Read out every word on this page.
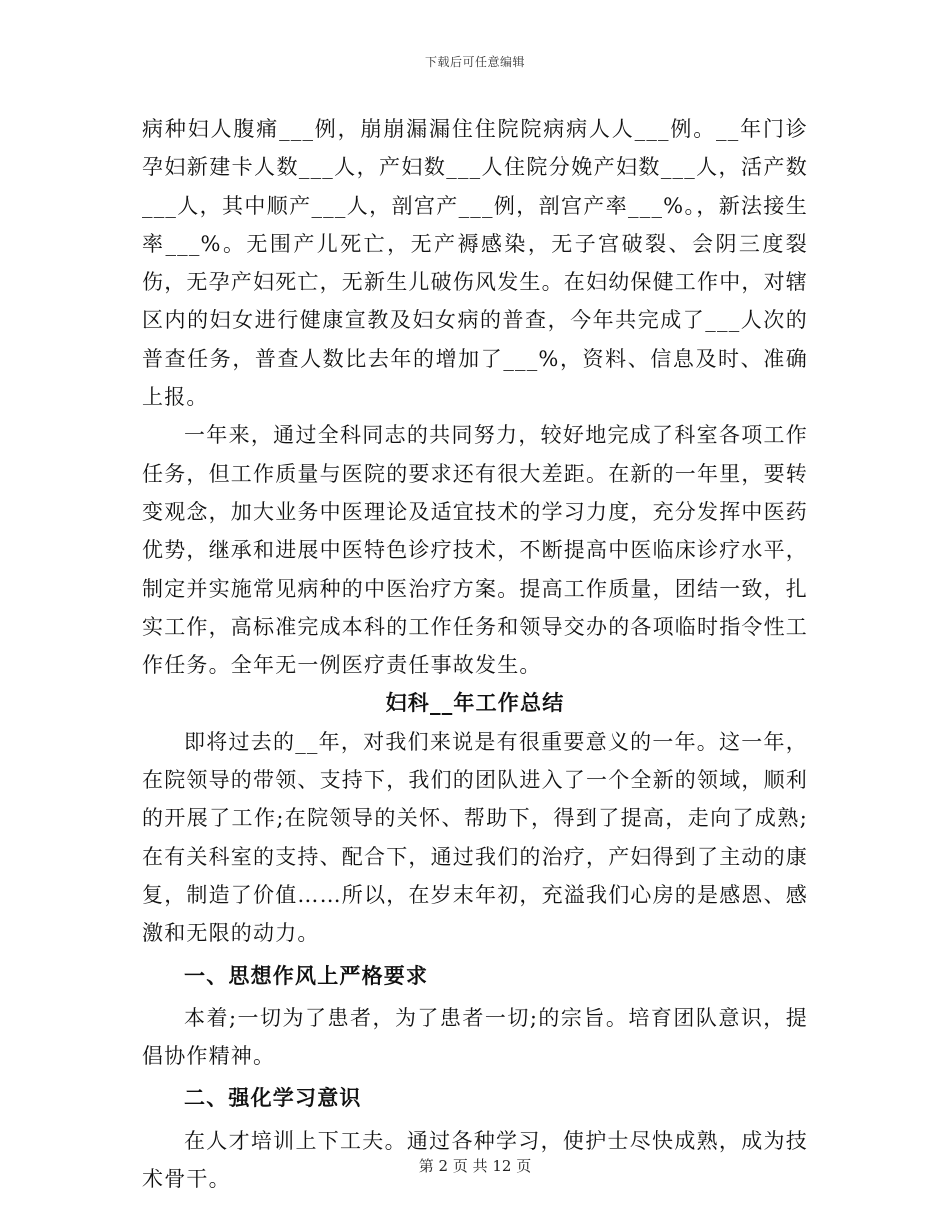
下载后可任意编辑

病种妇人腹痛___例，崩崩漏漏住住院院病病人人___例。__年门诊孕妇新建卡人数___人，产妇数___人住院分娩产妇数___人，活产数___人，其中顺产___人，剖宫产___例，剖宫产率___%。，新法接生率___%。无围产儿死亡，无产褥感染，无子宫破裂、会阴三度裂伤，无孕产妇死亡，无新生儿破伤风发生。在妇幼保健工作中，对辖区内的妇女进行健康宣教及妇女病的普查，今年共完成了___人次的普查任务，普查人数比去年的增加了___%，资料、信息及时、准确上报。

一年来，通过全科同志的共同努力，较好地完成了科室各项工作任务，但工作质量与医院的要求还有很大差距。在新的一年里，要转变观念，加大业务中医理论及适宜技术的学习力度，充分发挥中医药优势，继承和进展中医特色诊疗技术，不断提高中医临床诊疗水平，制定并实施常见病种的中医治疗方案。提高工作质量，团结一致，扎实工作，高标准完成本科的工作任务和领导交办的各项临时指令性工作任务。全年无一例医疗责任事故发生。

妇科__年工作总结

即将过去的__年，对我们来说是有很重要意义的一年。这一年，在院领导的带领、支持下，我们的团队进入了一个全新的领域，顺利的开展了工作;在院领导的关怀、帮助下，得到了提高，走向了成熟;在有关科室的支持、配合下，通过我们的治疗，产妇得到了主动的康复，制造了价值……所以，在岁末年初，充溢我们心房的是感恩、感激和无限的动力。

一、思想作风上严格要求

本着;一切为了患者，为了患者一切;的宗旨。培育团队意识，提倡协作精神。

二、强化学习意识

在人才培训上下工夫。通过各种学习，使护士尽快成熟，成为技术骨干。

第 2 页 共 12 页
